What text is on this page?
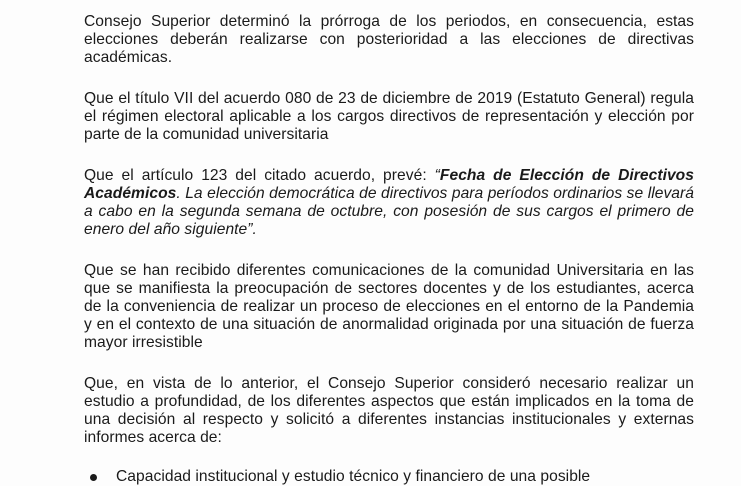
Consejo Superior determinó la prórroga de los periodos, en consecuencia, estas elecciones deberán realizarse con posterioridad a las elecciones de directivas académicas.

Que el título VII del acuerdo 080 de 23 de diciembre de 2019 (Estatuto General) regula el régimen electoral aplicable a los cargos directivos de representación y elección por parte de la comunidad universitaria

Que el artículo 123 del citado acuerdo, prevé: “Fecha de Elección de Directivos Académicos. La elección democrática de directivos para períodos ordinarios se llevará a cabo en la segunda semana de octubre, con posesión de sus cargos el primero de enero del año siguiente”.

Que se han recibido diferentes comunicaciones de la comunidad Universitaria en las que se manifiesta la preocupación de sectores docentes y de los estudiantes, acerca de la conveniencia de realizar un proceso de elecciones en el entorno de la Pandemia y en el contexto de una situación de anormalidad originada por una situación de fuerza mayor irresistible

Que, en vista de lo anterior, el Consejo Superior consideró necesario realizar un estudio a profundidad, de los diferentes aspectos que están implicados en la toma de una decisión al respecto y solicitó a diferentes instancias institucionales y externas informes acerca de:

Capacidad institucional y estudio técnico y financiero de una posible
